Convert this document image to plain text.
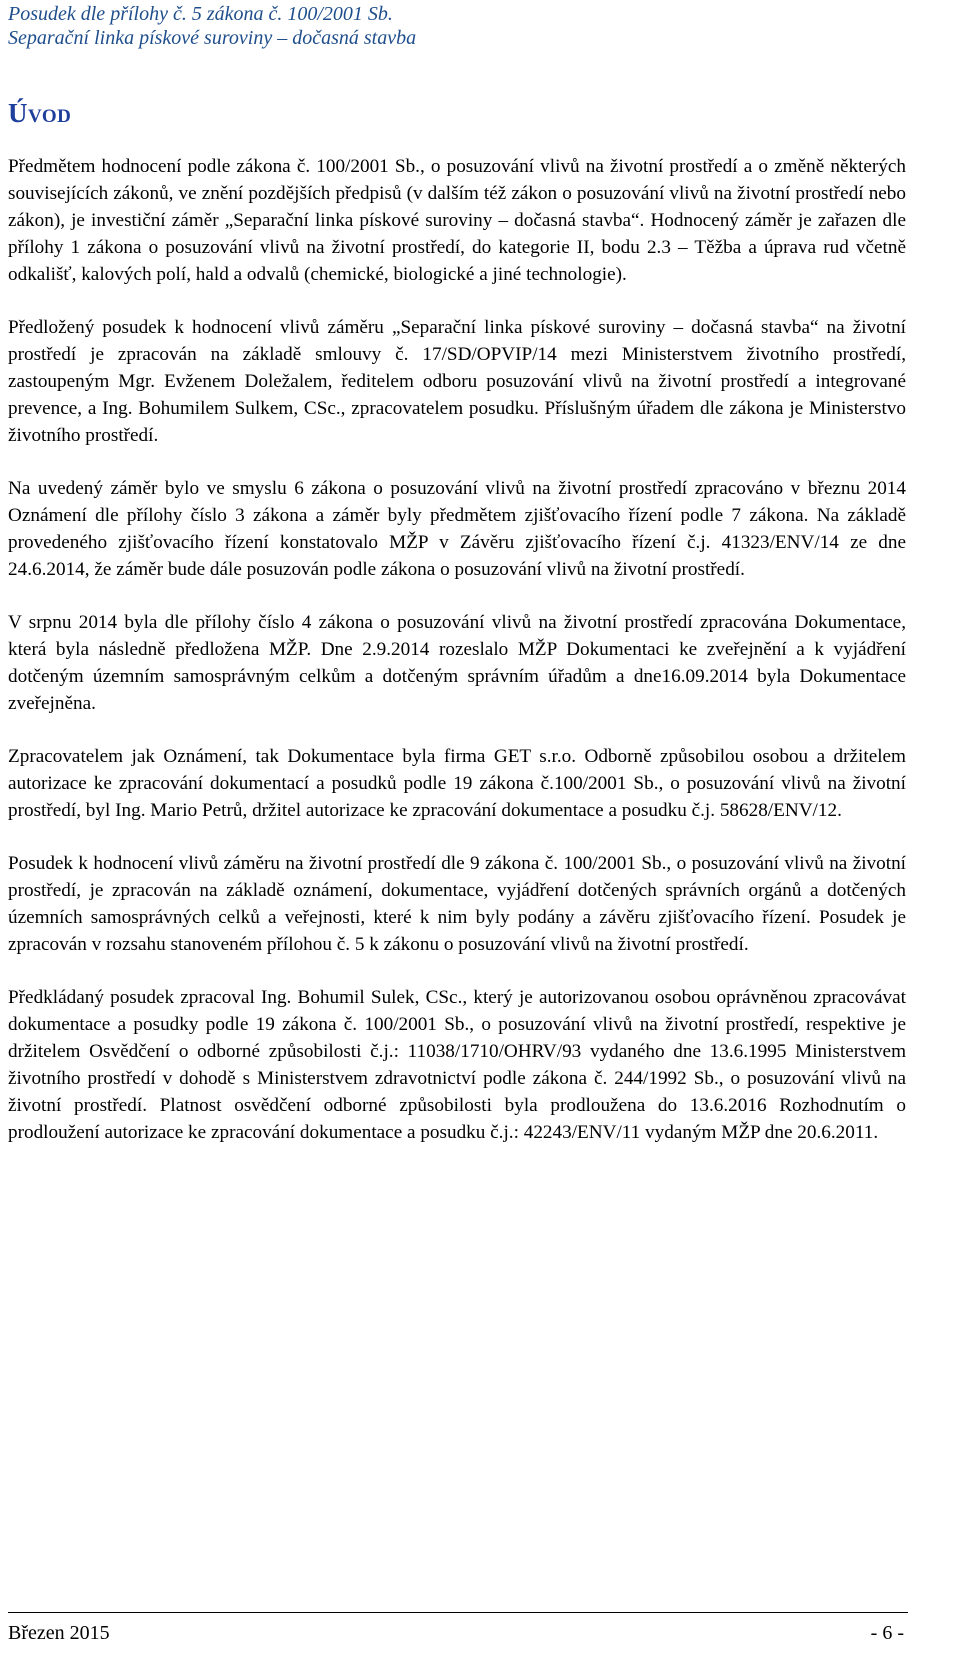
Posudek dle přílohy č. 5 zákona č. 100/2001 Sb.
Separační linka pískové suroviny – dočasná stavba
Úvod

Předmětem hodnocení podle zákona č. 100/2001 Sb., o posuzování vlivů na životní prostředí a o změně některých souvisejících zákonů, ve znění pozdějších předpisů (v dalším též zákon o posuzování vlivů na životní prostředí nebo zákon), je investiční záměr „Separační linka pískové suroviny – dočasná stavba“. Hodnocený záměr je zařazen dle přílohy 1 zákona o posuzování vlivů na životní prostředí, do kategorie II, bodu 2.3 – Těžba a úprava rud včetně odkališť, kalových polí, hald a odvalů (chemické, biologické a jiné technologie).

Předložený posudek k hodnocení vlivů záměru „Separační linka pískové suroviny – dočasná stavba“ na životní prostředí je zpracován na základě smlouvy č. 17/SD/OPVIP/14 mezi Ministerstvem životního prostředí, zastoupeným Mgr. Evženem Doležalem, ředitelem odboru posuzování vlivů na životní prostředí a integrované prevence, a Ing. Bohumilem Sulkem, CSc., zpracovatelem posudku. Příslušným úřadem dle zákona je Ministerstvo životního prostředí.

Na uvedený záměr bylo ve smyslu 6 zákona o posuzování vlivů na životní prostředí zpracováno v březnu 2014 Oznámení dle přílohy číslo 3 zákona a záměr byly předmětem zjišťovacího řízení podle 7 zákona. Na základě provedeného zjišťovacího řízení konstatovalo MŽP v Závěru zjišťovacího řízení č.j. 41323/ENV/14 ze dne 24.6.2014, že záměr bude dále posuzován podle zákona o posuzování vlivů na životní prostředí.

V srpnu 2014 byla dle přílohy číslo 4 zákona o posuzování vlivů na životní prostředí zpracována Dokumentace, která byla následně předložena MŽP. Dne 2.9.2014 rozeslalo MŽP Dokumentaci ke zveřejnění a k vyjádření dotčeným územním samosprávným celkům a dotčeným správním úřadům a dne16.09.2014 byla Dokumentace zveřejněna.

Zpracovatelem jak Oznámení, tak Dokumentace byla firma GET s.r.o. Odborně způsobilou osobou a držitelem autorizace ke zpracování dokumentací a posudků podle 19 zákona č.100/2001 Sb., o posuzování vlivů na životní prostředí, byl Ing. Mario Petrů, držitel autorizace ke zpracování dokumentace a posudku č.j. 58628/ENV/12.

Posudek k hodnocení vlivů záměru na životní prostředí dle 9 zákona č. 100/2001 Sb., o posuzování vlivů na životní prostředí, je zpracován na základě oznámení, dokumentace, vyjádření dotčených správních orgánů a dotčených územních samosprávných celků a veřejnosti, které k nim byly podány a závěru zjišťovacího řízení. Posudek je zpracován v rozsahu stanoveném přílohou č. 5 k zákonu o posuzování vlivů na životní prostředí.

Předkládaný posudek zpracoval Ing. Bohumil Sulek, CSc., který je autorizovanou osobou oprávněnou zpracovávat dokumentace a posudky podle 19 zákona č. 100/2001 Sb., o posuzování vlivů na životní prostředí, respektive je držitelem Osvědčení o odborné způsobilosti č.j.: 11038/1710/OHRV/93 vydaného dne 13.6.1995 Ministerstvem životního prostředí v dohodě s Ministerstvem zdravotnictví podle zákona č. 244/1992 Sb., o posuzování vlivů na životní prostředí. Platnost osvědčení odborné způsobilosti byla prodloužena do 13.6.2016 Rozhodnutím o prodloužení autorizace ke zpracování dokumentace a posudku č.j.: 42243/ENV/11 vydaným MŽP dne 20.6.2011.

Březen 2015	- 6 -
